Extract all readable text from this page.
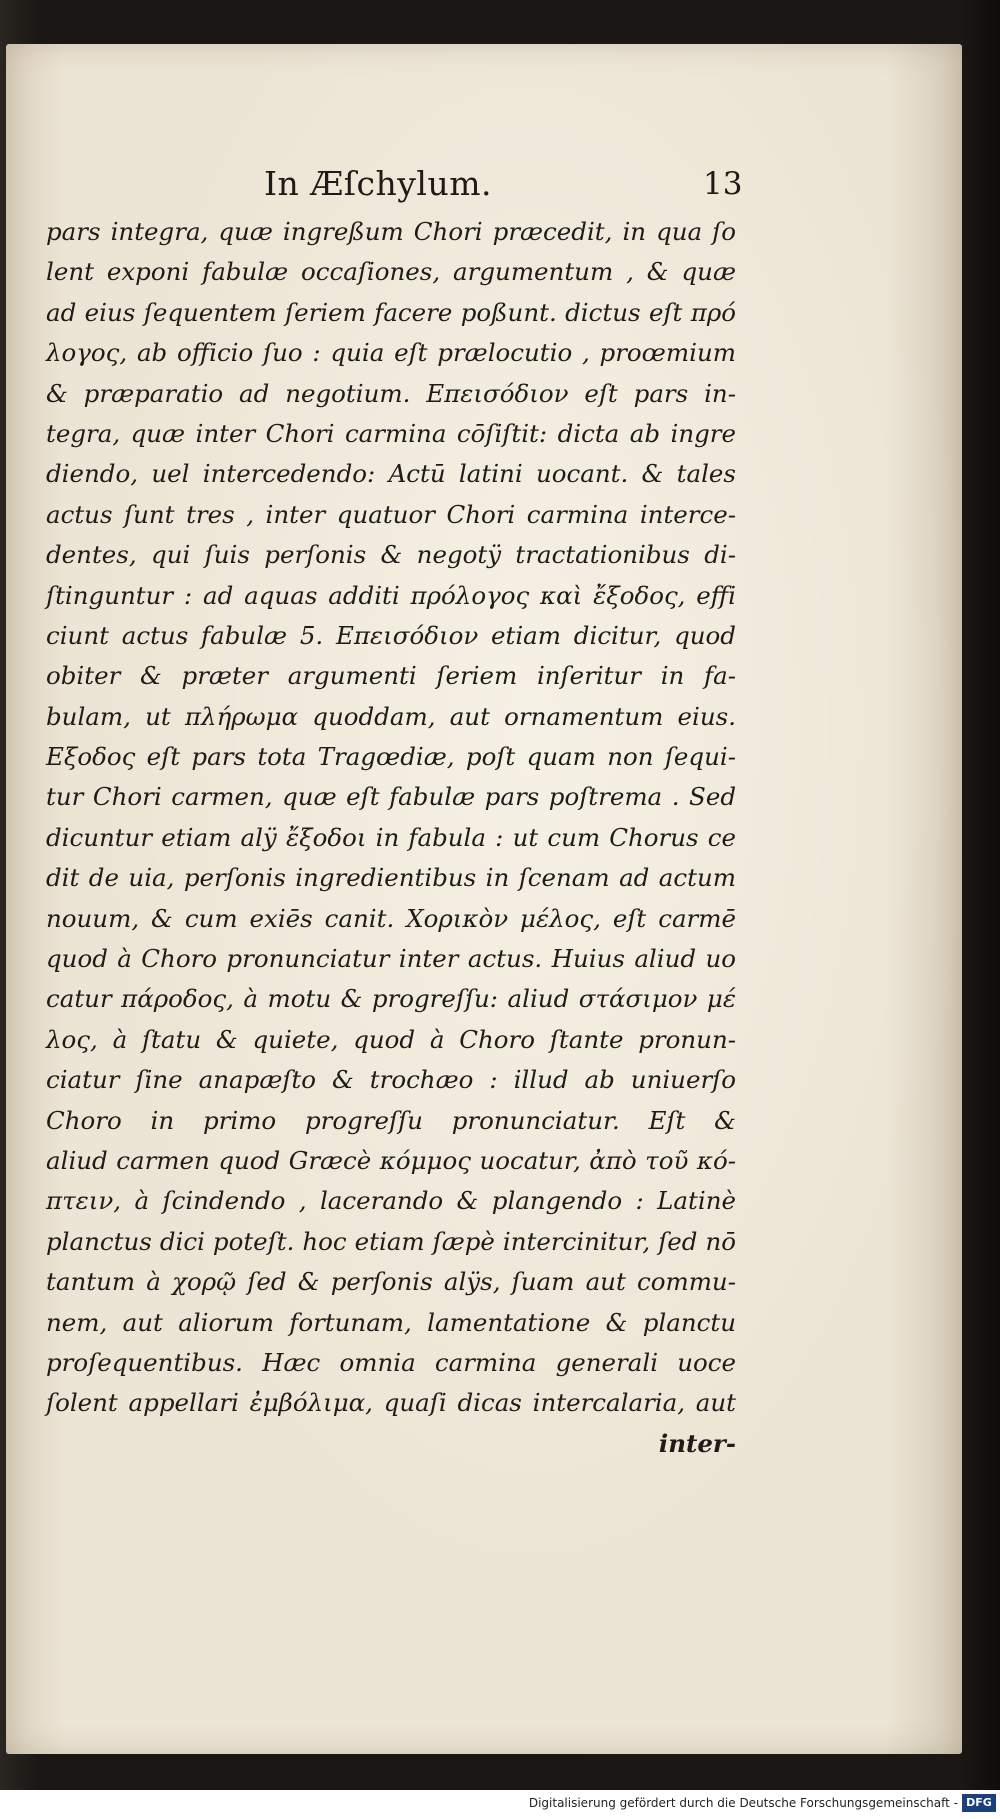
In Æſchylum.	13
pars integra, quæ ingreßum Chori præcedit, in qua ſo
lent exponi fabulæ occaſiones, argumentum , & quæ
ad eius ſequentem ſeriem facere poßunt. dictus eſt πρό
λογος, ab officio ſuo : quia eſt prælocutio , proœmium
& præparatio ad negotium. Επεισόδιον eſt pars in-
tegra, quæ inter Chori carmina cōſiſtit: dicta ab ingre
diendo, uel intercedendo: Actū latini uocant. & tales
actus ſunt tres , inter quatuor Chori carmina interce-
dentes, qui ſuis perſonis & negotÿ tractationibus di-
ſtinguntur : ad aquas additi πρόλογος καὶ ἔξοδος, effi
ciunt actus fabulæ 5. Επεισόδιον etiam dicitur, quod
obiter & præter argumenti ſeriem inſeritur in fa-
bulam, ut πλήρωμα quoddam, aut ornamentum eius.
Εξοδος eſt pars tota Tragœdiæ, poſt quam non ſequi-
tur Chori carmen, quæ eſt fabulæ pars poſtrema . Sed
dicuntur etiam alÿ ἔξοδοι in fabula : ut cum Chorus ce
dit de uia, perſonis ingredientibus in ſcenam ad actum
nouum, & cum exiēs canit. Χορικὸν μέλος, eſt carmē
quod à Choro pronunciatur inter actus. Huius aliud uo
catur πάροδος, à motu & progreſſu: aliud στάσιμον μέ
λος, à ſtatu & quiete, quod à Choro ſtante pronun-
ciatur ſine anapæſto & trochæo : illud ab uniuerſo
Choro in primo progreſſu pronunciatur. Eſt &
aliud carmen quod Græcè κόμμος uocatur, ἀπὸ τοῦ κό-
πτειν, à ſcindendo , lacerando & plangendo : Latinè
planctus dici poteſt. hoc etiam ſæpè intercinitur, ſed nō
tantum à χορῷ ſed & perſonis alÿs, ſuam aut commu-
nem, aut aliorum fortunam, lamentatione & planctu
proſequentibus. Hæc omnia carmina generali uoce
ſolent appellari ἐμβόλιμα, quaſi dicas intercalaria, aut
inter-
Digitalisierung gefördert durch die Deutsche Forschungsgemeinschaft - DFG
